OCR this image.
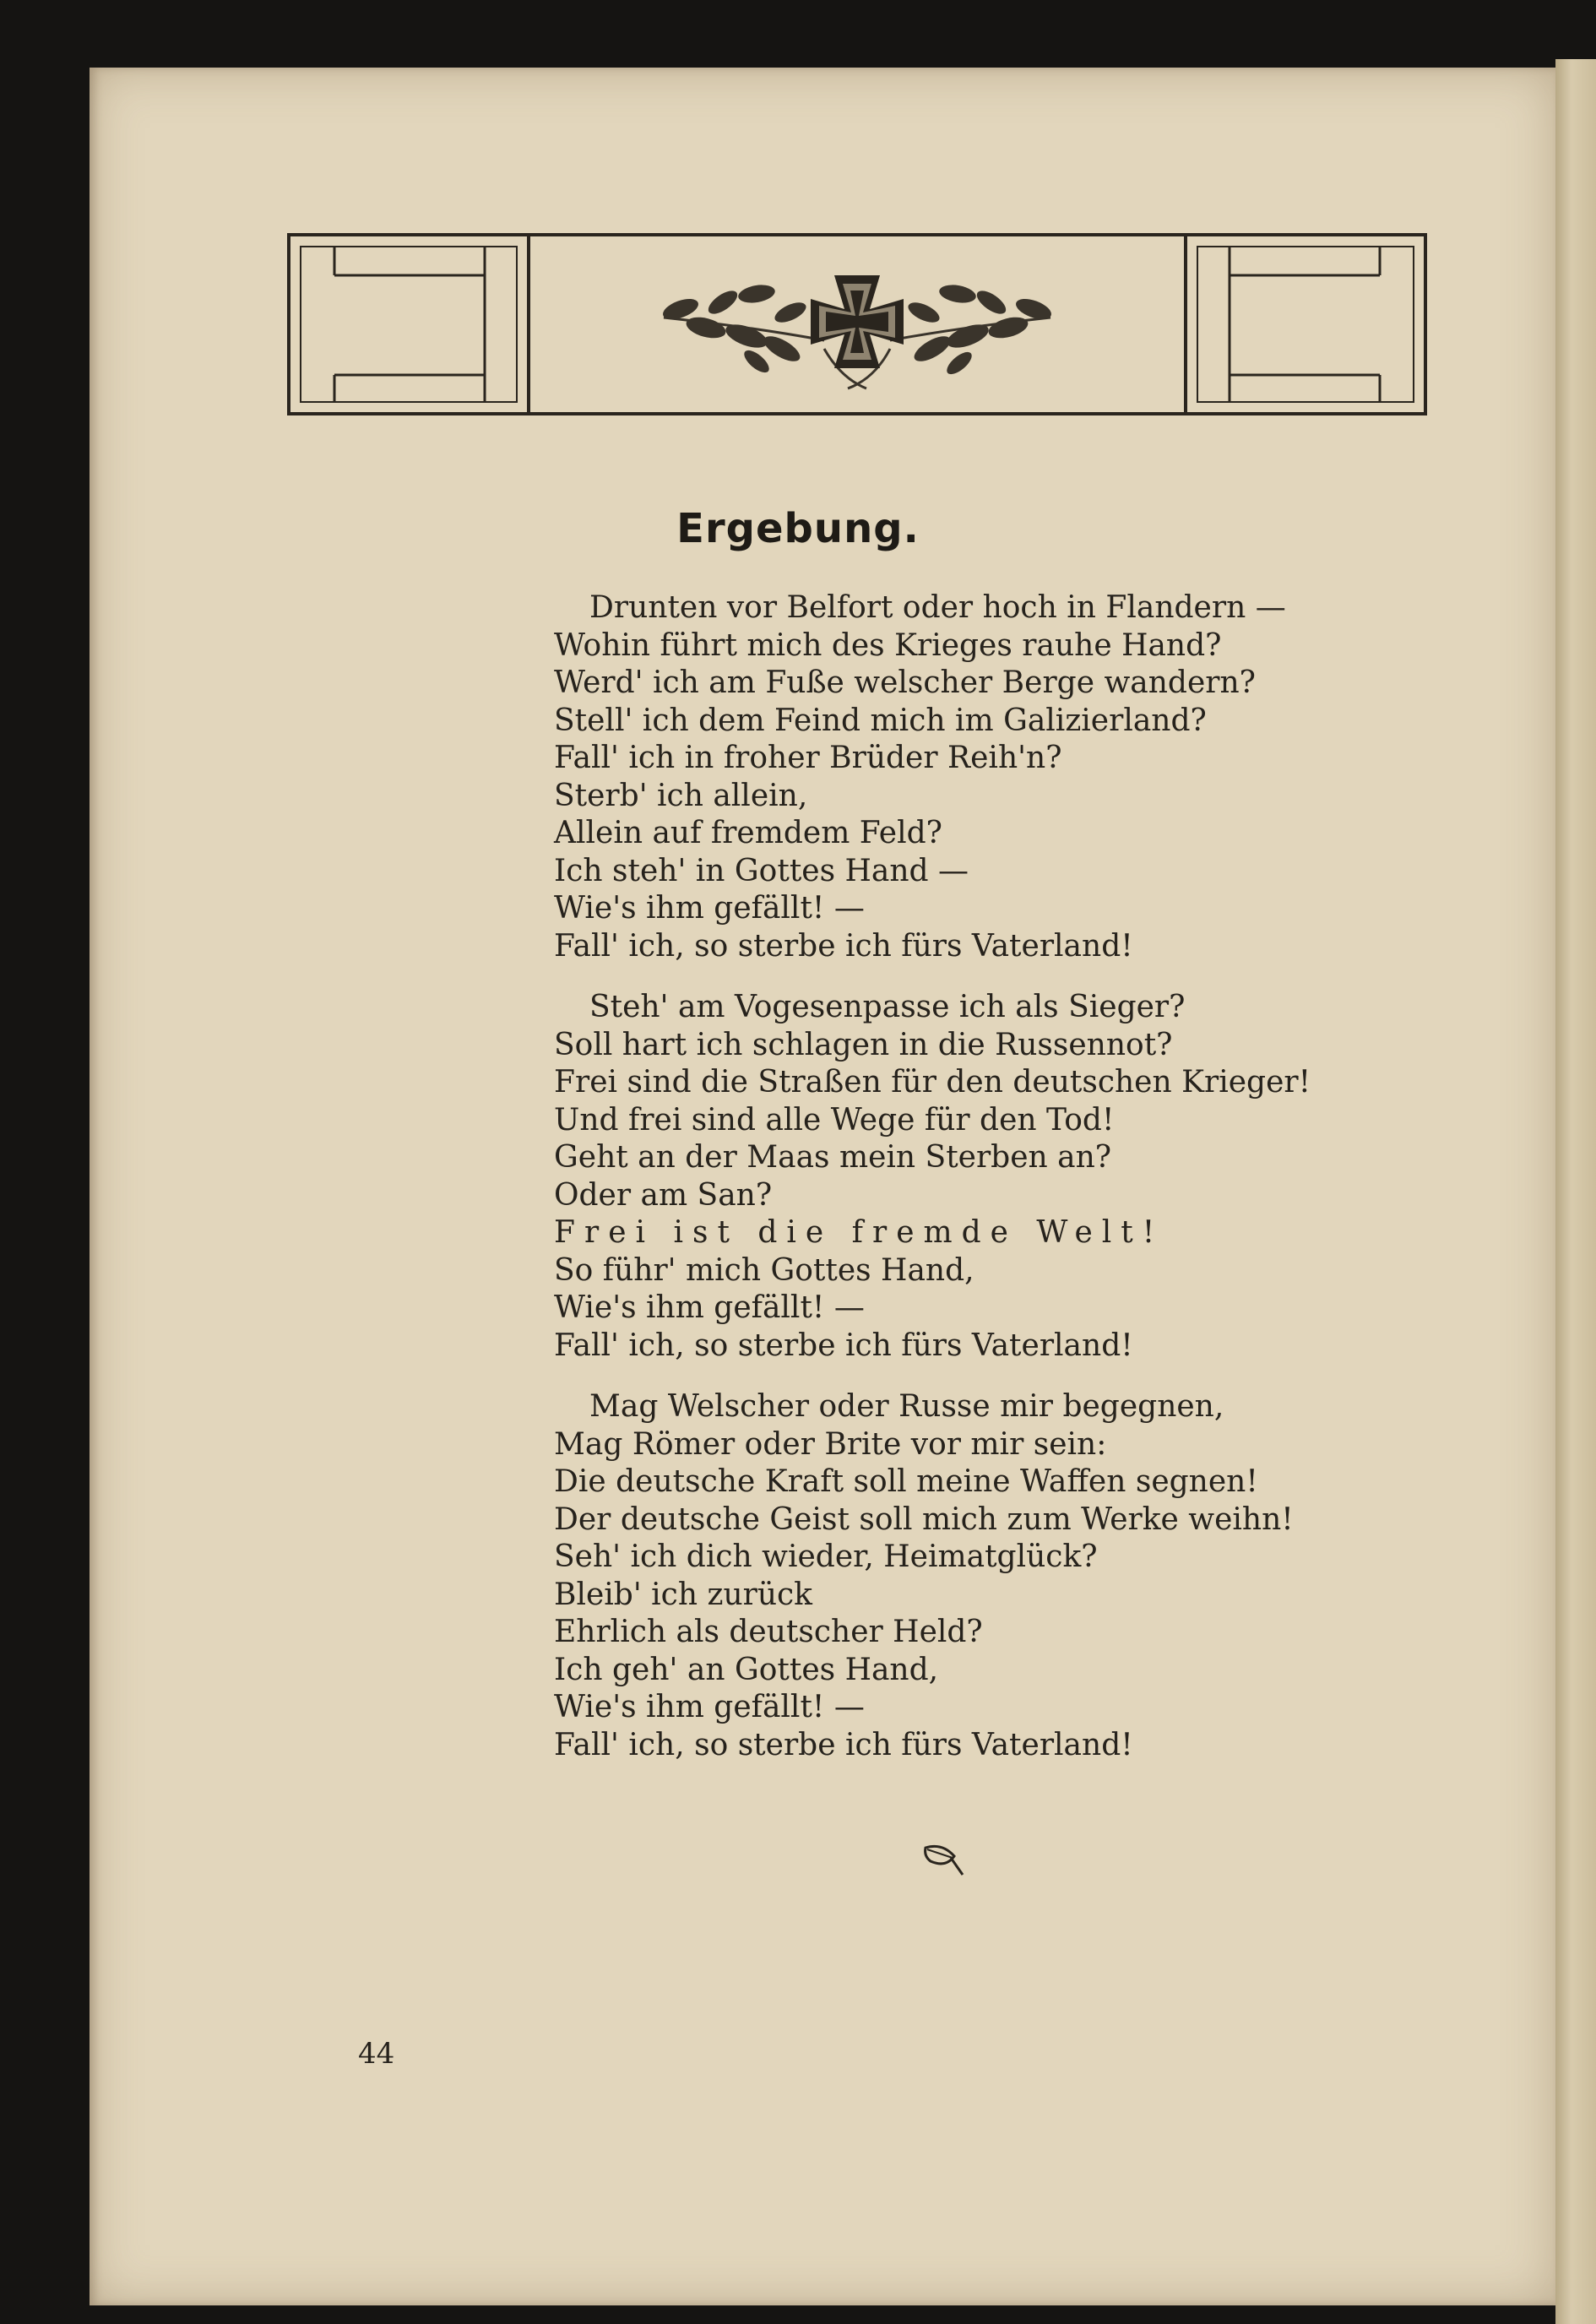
Ergebung.
Drunten vor Belfort oder hoch in Flandern —
Wohin führt mich des Krieges rauhe Hand?
Werd' ich am Fuße welscher Berge wandern?
Stell' ich dem Feind mich im Galizierland?
Fall' ich in froher Brüder Reih'n?
Sterb' ich allein,
Allein auf fremdem Feld?
Ich steh' in Gottes Hand —
Wie's ihm gefällt! —
Fall' ich, so sterbe ich fürs Vaterland!
Steh' am Vogesenpasse ich als Sieger?
Soll hart ich schlagen in die Russennot?
Frei sind die Straßen für den deutschen Krieger!
Und frei sind alle Wege für den Tod!
Geht an der Maas mein Sterben an?
Oder am San?
Frei ist die fremde Welt!
So führ' mich Gottes Hand,
Wie's ihm gefällt! —
Fall' ich, so sterbe ich fürs Vaterland!
Mag Welscher oder Russe mir begegnen,
Mag Römer oder Brite vor mir sein:
Die deutsche Kraft soll meine Waffen segnen!
Der deutsche Geist soll mich zum Werke weihn!
Seh' ich dich wieder, Heimatglück?
Bleib' ich zurück
Ehrlich als deutscher Held?
Ich geh' an Gottes Hand,
Wie's ihm gefällt! —
Fall' ich, so sterbe ich fürs Vaterland!
44
